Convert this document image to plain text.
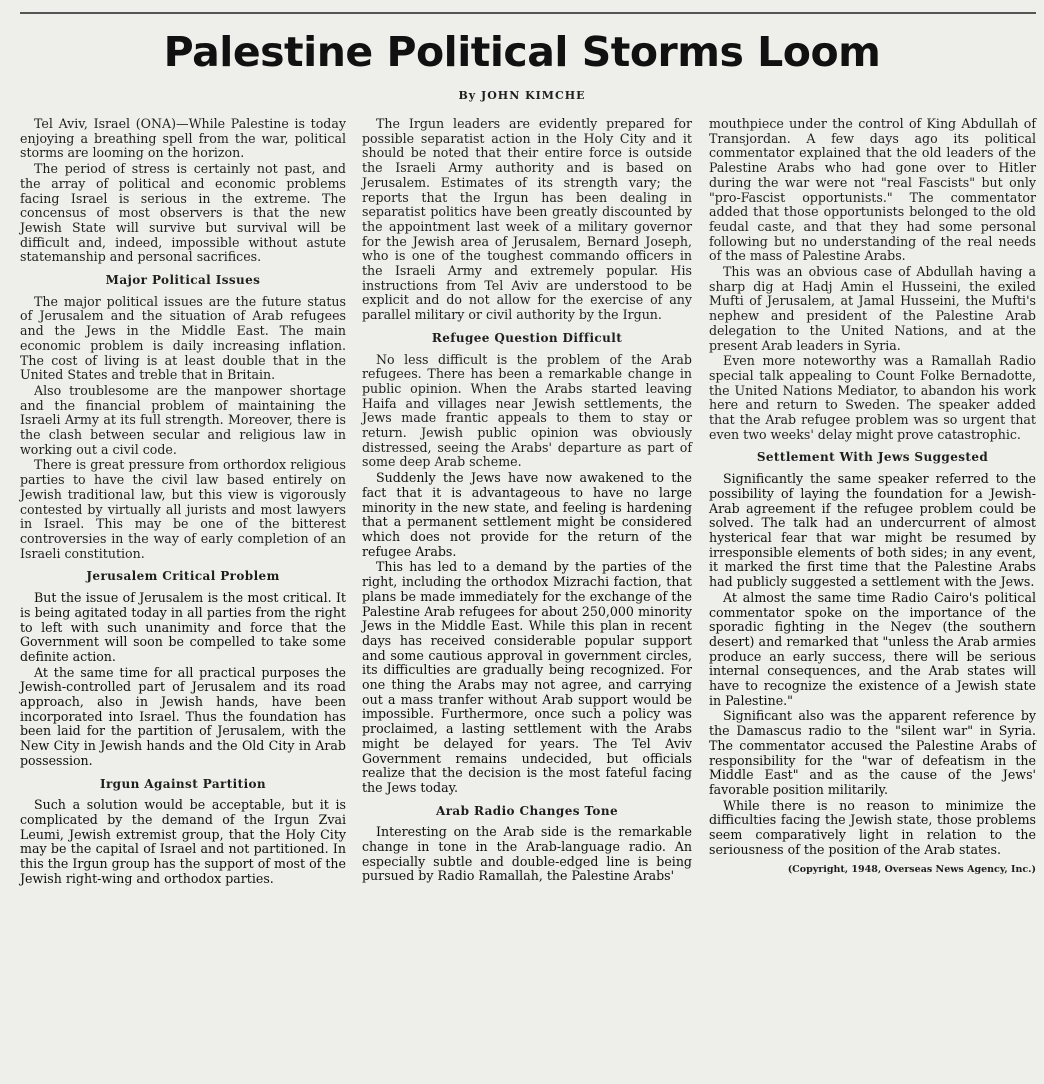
Palestine Political Storms Loom

By JOHN KIMCHE

Tel Aviv, Israel (ONA)—While Palestine is today enjoying a breathing spell from the war, political storms are looming on the horizon.

The period of stress is certainly not past, and the array of political and economic problems facing Israel is serious in the extreme. The concensus of most observers is that the new Jewish State will survive but survival will be difficult and, indeed, impossible without astute statemanship and personal sacrifices.

Major Political Issues

The major political issues are the future status of Jerusalem and the situation of Arab refugees and the Jews in the Middle East. The main economic problem is daily increasing inflation. The cost of living is at least double that in the United States and treble that in Britain.

Also troublesome are the manpower shortage and the financial problem of maintaining the Israeli Army at its full strength. Moreover, there is the clash between secular and religious law in working out a civil code.

There is great pressure from orthordox religious parties to have the civil law based entirely on Jewish traditional law, but this view is vigorously contested by virtually all jurists and most lawyers in Israel. This may be one of the bitterest controversies in the way of early completion of an Israeli constitution.

Jerusalem Critical Problem

But the issue of Jerusalem is the most critical. It is being agitated today in all parties from the right to left with such unanimity and force that the Government will soon be compelled to take some definite action.

At the same time for all practical purposes the Jewish-controlled part of Jerusalem and its road approach, also in Jewish hands, have been incorporated into Israel. Thus the foundation has been laid for the partition of Jerusalem, with the New City in Jewish hands and the Old City in Arab possession.

Irgun Against Partition

Such a solution would be acceptable, but it is complicated by the demand of the Irgun Zvai Leumi, Jewish extremist group, that the Holy City may be the capital of Israel and not partitioned. In this the Irgun group has the support of most of the Jewish right-wing and orthodox parties.

The Irgun leaders are evidently prepared for possible separatist action in the Holy City and it should be noted that their entire force is outside the Israeli Army authority and is based on Jerusalem. Estimates of its strength vary; the reports that the Irgun has been dealing in separatist politics have been greatly discounted by the appointment last week of a military governor for the Jewish area of Jerusalem, Bernard Joseph, who is one of the toughest commando officers in the Israeli Army and extremely popular. His instructions from Tel Aviv are understood to be explicit and do not allow for the exercise of any parallel military or civil authority by the Irgun.

Refugee Question Difficult

No less difficult is the problem of the Arab refugees. There has been a remarkable change in public opinion. When the Arabs started leaving Haifa and villages near Jewish settlements, the Jews made frantic appeals to them to stay or return. Jewish public opinion was obviously distressed, seeing the Arabs' departure as part of some deep Arab scheme.

Suddenly the Jews have now awakened to the fact that it is advantageous to have no large minority in the new state, and feeling is hardening that a permanent settlement might be considered which does not provide for the return of the refugee Arabs.

This has led to a demand by the parties of the right, including the orthodox Mizrachi faction, that plans be made immediately for the exchange of the Palestine Arab refugees for about 250,000 minority Jews in the Middle East. While this plan in recent days has received considerable popular support and some cautious approval in government circles, its difficulties are gradually being recognized. For one thing the Arabs may not agree, and carrying out a mass tranfer without Arab support would be impossible. Furthermore, once such a policy was proclaimed, a lasting settlement with the Arabs might be delayed for years. The Tel Aviv Government remains undecided, but officials realize that the decision is the most fateful facing the Jews today.

Arab Radio Changes Tone

Interesting on the Arab side is the remarkable change in tone in the Arab-language radio. An especially subtle and double-edged line is being pursued by Radio Ramallah, the Palestine Arabs'

mouthpiece under the control of King Abdullah of Transjordan. A few days ago its political commentator explained that the old leaders of the Palestine Arabs who had gone over to Hitler during the war were not "real Fascists" but only "pro-Fascist opportunists." The commentator added that those opportunists belonged to the old feudal caste, and that they had some personal following but no understanding of the real needs of the mass of Palestine Arabs.

This was an obvious case of Abdullah having a sharp dig at Hadj Amin el Husseini, the exiled Mufti of Jerusalem, at Jamal Husseini, the Mufti's nephew and president of the Palestine Arab delegation to the United Nations, and at the present Arab leaders in Syria.

Even more noteworthy was a Ramallah Radio special talk appealing to Count Folke Bernadotte, the United Nations Mediator, to abandon his work here and return to Sweden. The speaker added that the Arab refugee problem was so urgent that even two weeks' delay might prove catastrophic.

Settlement With Jews Suggested

Significantly the same speaker referred to the possibility of laying the foundation for a Jewish-Arab agreement if the refugee problem could be solved. The talk had an undercurrent of almost hysterical fear that war might be resumed by irresponsible elements of both sides; in any event, it marked the first time that the Palestine Arabs had publicly suggested a settlement with the Jews.

At almost the same time Radio Cairo's political commentator spoke on the importance of the sporadic fighting in the Negev (the southern desert) and remarked that "unless the Arab armies produce an early success, there will be serious internal consequences, and the Arab states will have to recognize the existence of a Jewish state in Palestine."

Significant also was the apparent reference by the Damascus radio to the "silent war" in Syria. The commentator accused the Palestine Arabs of responsibility for the "war of defeatism in the Middle East" and as the cause of the Jews' favorable position militarily.

While there is no reason to minimize the difficulties facing the Jewish state, those problems seem comparatively light in relation to the seriousness of the position of the Arab states.

(Copyright, 1948, Overseas News Agency, Inc.)
